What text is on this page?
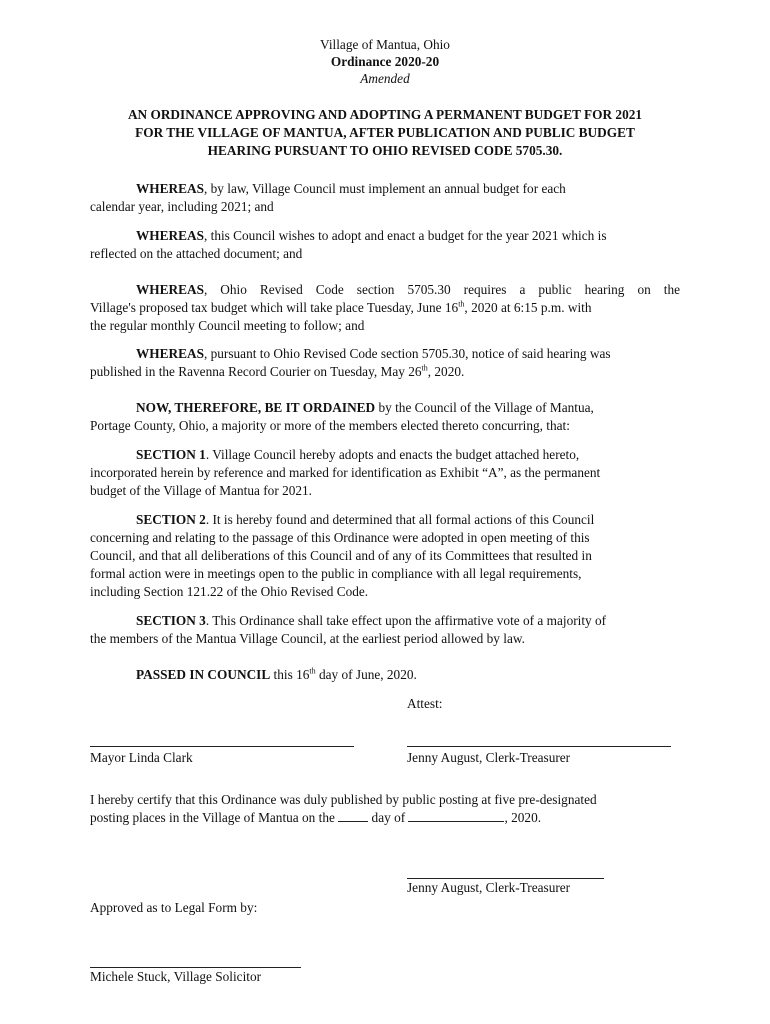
Village of Mantua, Ohio
Ordinance 2020-20
Amended
AN ORDINANCE APPROVING AND ADOPTING A PERMANENT BUDGET FOR 2021
FOR THE VILLAGE OF MANTUA, AFTER PUBLICATION AND PUBLIC BUDGET
HEARING PURSUANT TO OHIO REVISED CODE 5705.30.
WHEREAS, by law, Village Council must implement an annual budget for each
calendar year, including 2021; and
WHEREAS, this Council wishes to adopt and enact a budget for the year 2021 which is
reflected on the attached document; and
WHEREAS, Ohio Revised Code section 5705.30 requires a public hearing on the
Village's proposed tax budget which will take place Tuesday, June 16th, 2020 at 6:15 p.m. with
the regular monthly Council meeting to follow; and
WHEREAS, pursuant to Ohio Revised Code section 5705.30, notice of said hearing was
published in the Ravenna Record Courier on Tuesday, May 26th, 2020.
NOW, THEREFORE, BE IT ORDAINED by the Council of the Village of Mantua,
Portage County, Ohio, a majority or more of the members elected thereto concurring, that:
SECTION 1. Village Council hereby adopts and enacts the budget attached hereto,
incorporated herein by reference and marked for identification as Exhibit “A”, as the permanent
budget of the Village of Mantua for 2021.
SECTION 2. It is hereby found and determined that all formal actions of this Council
concerning and relating to the passage of this Ordinance were adopted in open meeting of this
Council, and that all deliberations of this Council and of any of its Committees that resulted in
formal action were in meetings open to the public in compliance with all legal requirements,
including Section 121.22 of the Ohio Revised Code.
SECTION 3. This Ordinance shall take effect upon the affirmative vote of a majority of
the members of the Mantua Village Council, at the earliest period allowed by law.
PASSED IN COUNCIL this 16th day of June, 2020.
Attest:
Mayor Linda Clark	Jenny August, Clerk-Treasurer
I hereby certify that this Ordinance was duly published by public posting at five pre-designated
posting places in the Village of Mantua on the  day of	, 2020.
Jenny August, Clerk-Treasurer
Approved as to Legal Form by:
Michele Stuck, Village Solicitor
